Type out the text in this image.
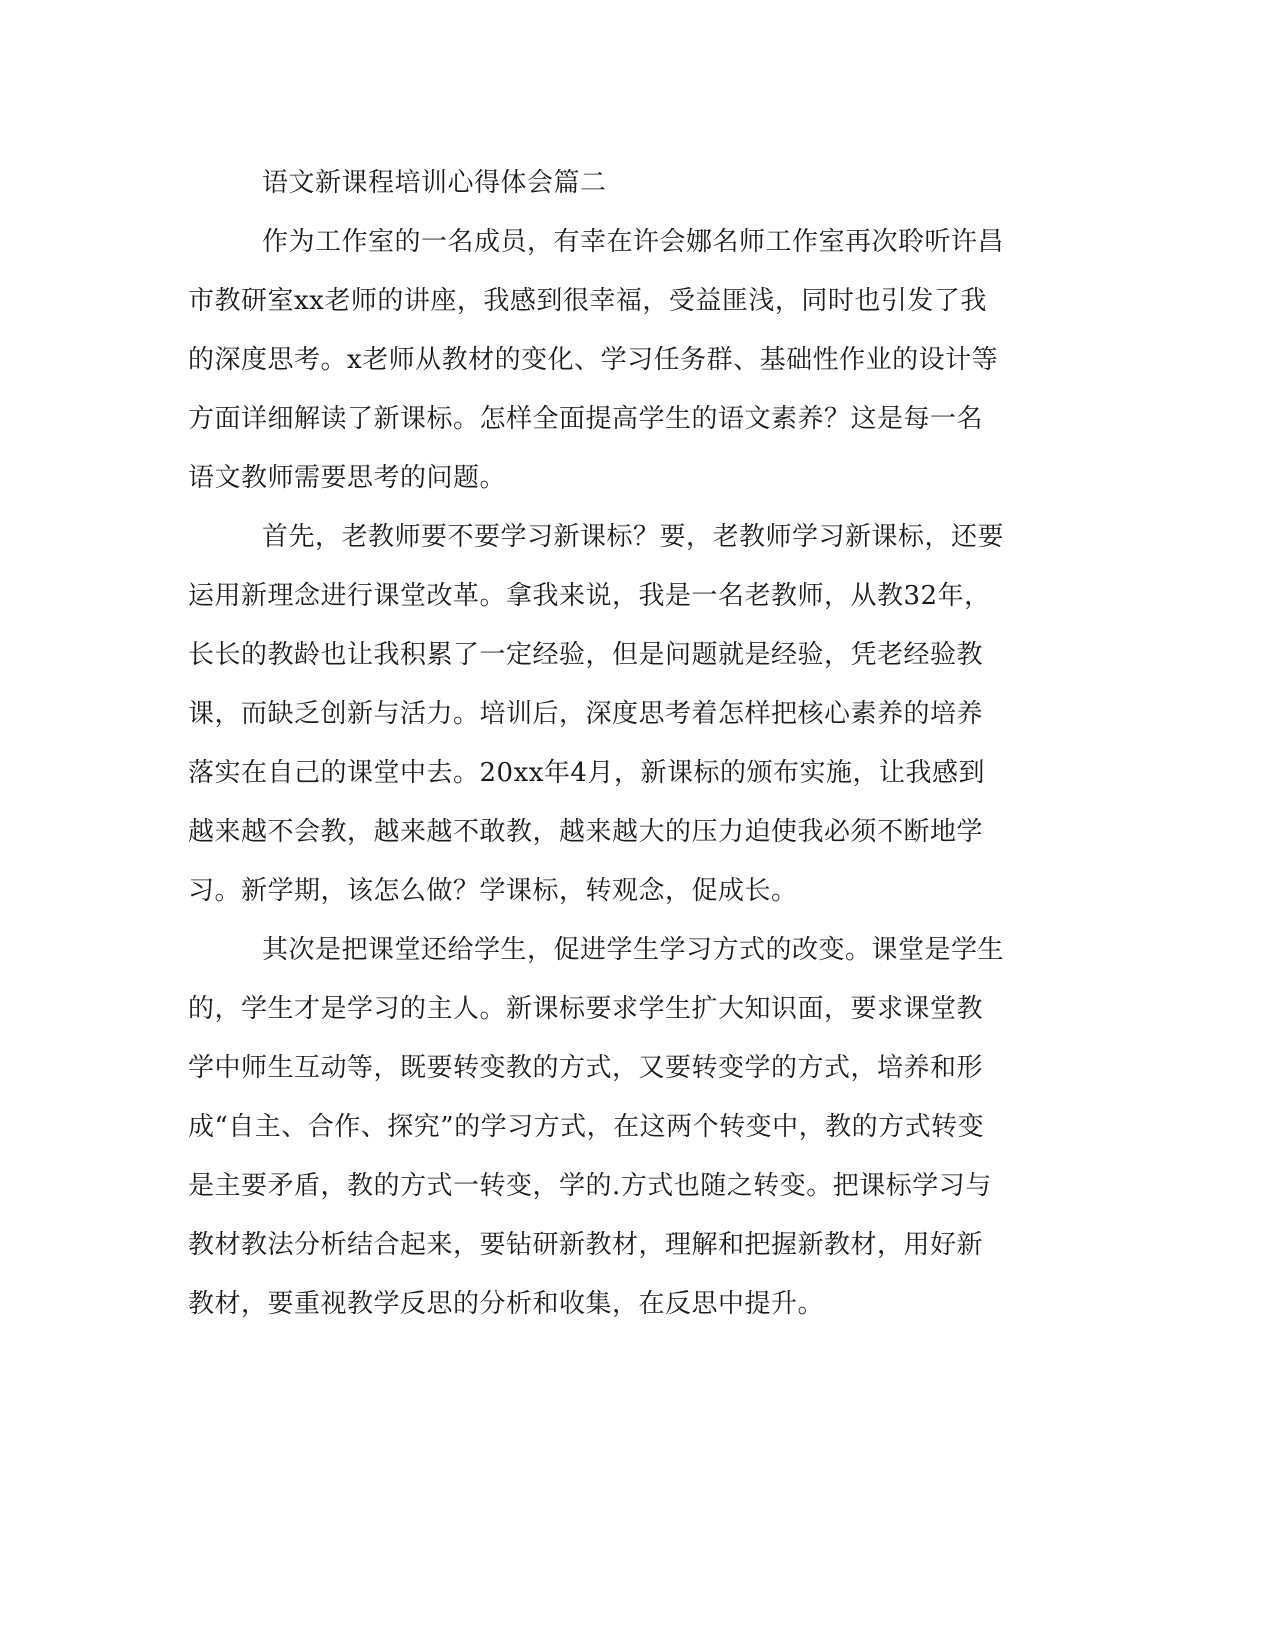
语文新课程培训心得体会篇二
作为工作室的一名成员，有幸在许会娜名师工作室再次聆听许昌
市教研室xx老师的讲座，我感到很幸福，受益匪浅，同时也引发了我
的深度思考。x老师从教材的变化、学习任务群、基础性作业的设计等
方面详细解读了新课标。怎样全面提高学生的语文素养？这是每一名
语文教师需要思考的问题。
首先，老教师要不要学习新课标？要，老教师学习新课标，还要
运用新理念进行课堂改革。拿我来说，我是一名老教师，从教32年，
长长的教龄也让我积累了一定经验，但是问题就是经验，凭老经验教
课，而缺乏创新与活力。培训后，深度思考着怎样把核心素养的培养
落实在自己的课堂中去。20xx年4月，新课标的颁布实施，让我感到
越来越不会教，越来越不敢教，越来越大的压力迫使我必须不断地学
习。新学期，该怎么做？学课标，转观念，促成长。
其次是把课堂还给学生，促进学生学习方式的改变。课堂是学生
的，学生才是学习的主人。新课标要求学生扩大知识面，要求课堂教
学中师生互动等，既要转变教的方式，又要转变学的方式，培养和形
成“自主、合作、探究”的学习方式，在这两个转变中，教的方式转变
是主要矛盾，教的方式一转变，学的.方式也随之转变。把课标学习与
教材教法分析结合起来，要钻研新教材，理解和把握新教材，用好新
教材，要重视教学反思的分析和收集，在反思中提升。
